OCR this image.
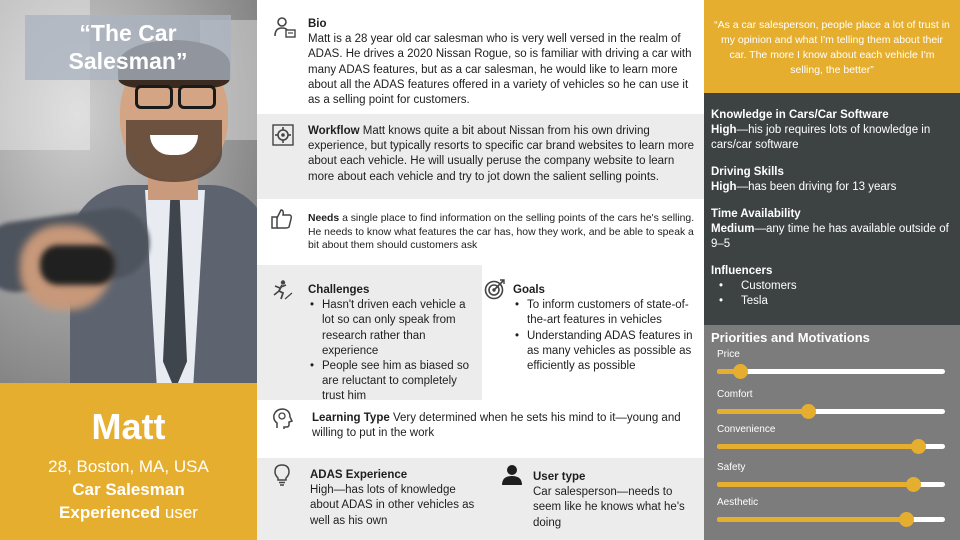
“The Car Salesman”
Matt
28, Boston, MA, USA
Car Salesman
Experienced user
Bio
Matt is a 28 year old car salesman who is very well versed in the realm of ADAS. He drives a 2020 Nissan Rogue, so is familiar with driving a car with many ADAS features, but as a car salesman, he would like to learn more about all the ADAS features offered in a variety of vehicles so he can use it as a selling point for customers.
Workflow Matt knows quite a bit about Nissan from his own driving experience, but typically resorts to specific car brand websites to learn more about each vehicle. He will usually peruse the company website to learn more about each vehicle and try to jot down the salient selling points.
Needs a single place to find information on the selling points of the cars he's selling. He needs to know what features the car has, how they work, and be able to speak a bit about them should customers ask
Challenges
• Hasn't driven each vehicle a lot so can only speak from research rather than experience
• People see him as biased so are reluctant to completely trust him
Goals
• To inform customers of state-of-the-art features in vehicles
• Understanding ADAS features in as many vehicles as possible as efficiently as possible
Learning Type Very determined when he sets his mind to it—young and willing to put in the work
ADAS Experience
High—has lots of knowledge about ADAS in other vehicles as well as his own
User type
Car salesperson—needs to seem like he knows what he's doing
“As a car salesperson, people place a lot of trust in my opinion and what I'm telling them about their car. The more I know about each vehicle I'm selling, the better”
Knowledge in Cars/Car Software
High—his job requires lots of knowledge in cars/car software
Driving Skills
High—has been driving for 13 years
Time Availability
Medium—any time he has available outside of 9–5
Influencers
• Customers
• Tesla
Priorities and Motivations
Price
Comfort
Convenience
Safety
Aesthetic
